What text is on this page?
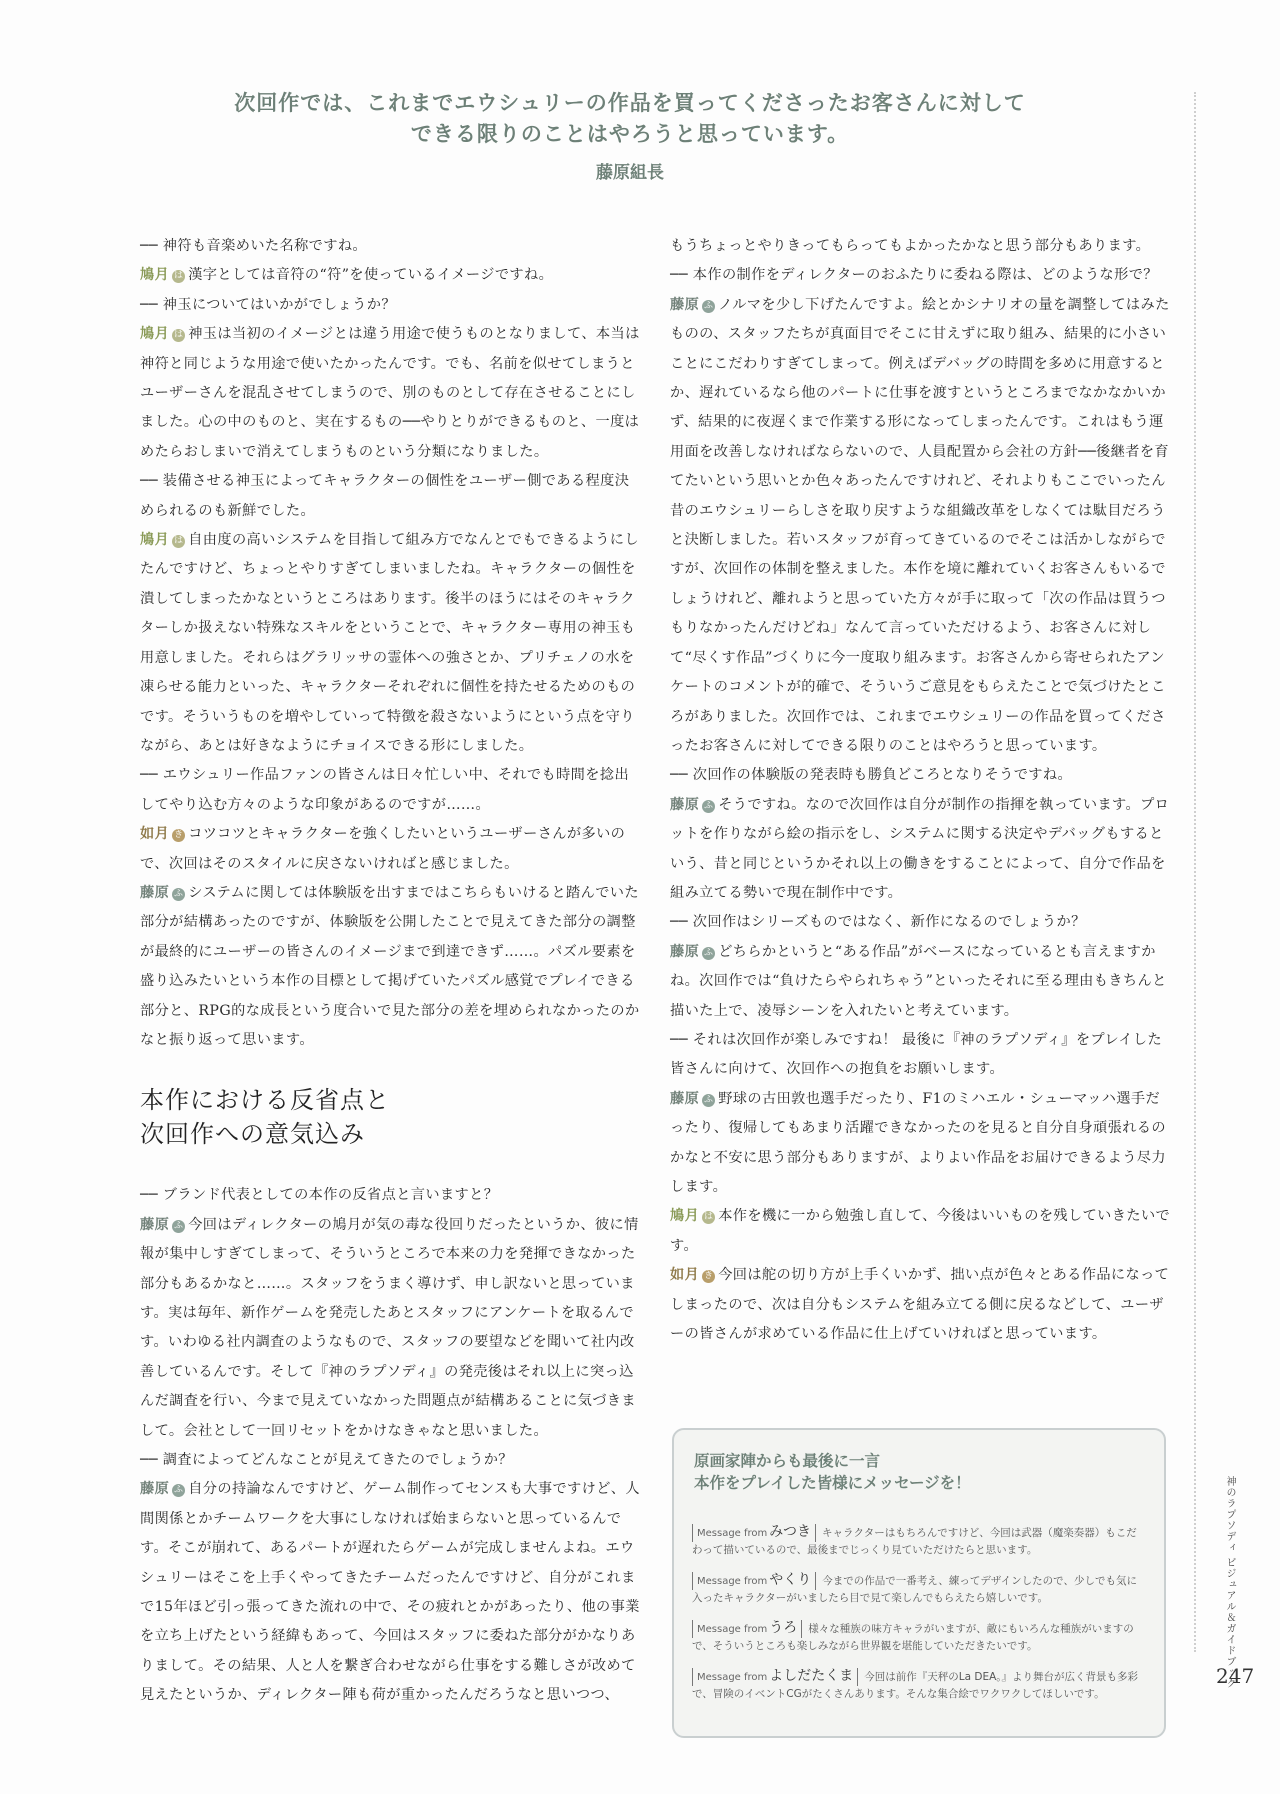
次回作では、これまでエウシュリーの作品を買ってくださったお客さんに対して
できる限りのことはやろうと思っています。
藤原組長

── 神符も音楽めいた名称ですね。

鳩月 は 漢字としては音符の“符”を使っているイメージですね。

── 神玉についてはいかがでしょうか？

鳩月 は 神玉は当初のイメージとは違う用途で使うものとなりまして、本当は神符と同じような用途で使いたかったんです。でも、名前を似せてしまうとユーザーさんを混乱させてしまうので、別のものとして存在させることにしました。心の中のものと、実在するもの──やりとりができるものと、一度はめたらおしまいで消えてしまうものという分類になりました。

── 装備させる神玉によってキャラクターの個性をユーザー側である程度決められるのも新鮮でした。

鳩月 は 自由度の高いシステムを目指して組み方でなんとでもできるようにしたんですけど、ちょっとやりすぎてしまいましたね。キャラクターの個性を潰してしまったかなというところはあります。後半のほうにはそのキャラクターしか扱えない特殊なスキルをということで、キャラクター専用の神玉も用意しました。それらはグラリッサの霊体への強さとか、プリチェノの水を凍らせる能力といった、キャラクターそれぞれに個性を持たせるためのものです。そういうものを増やしていって特徴を殺さないようにという点を守りながら、あとは好きなようにチョイスできる形にしました。

── エウシュリー作品ファンの皆さんは日々忙しい中、それでも時間を捻出してやり込む方々のような印象があるのですが……。

如月 き コツコツとキャラクターを強くしたいというユーザーさんが多いので、次回はそのスタイルに戻さないければと感じました。

藤原 ふ システムに関しては体験版を出すまではこちらもいけると踏んでいた部分が結構あったのですが、体験版を公開したことで見えてきた部分の調整が最終的にユーザーの皆さんのイメージまで到達できず……。パズル要素を盛り込みたいという本作の目標として掲げていたパズル感覚でプレイできる部分と、RPG的な成長という度合いで見た部分の差を埋められなかったのかなと振り返って思います。

本作における反省点と
次回作への意気込み

── ブランド代表としての本作の反省点と言いますと？

藤原 ふ 今回はディレクターの鳩月が気の毒な役回りだったというか、彼に情報が集中しすぎてしまって、そういうところで本来の力を発揮できなかった部分もあるかなと……。スタッフをうまく導けず、申し訳ないと思っています。実は毎年、新作ゲームを発売したあとスタッフにアンケートを取るんです。いわゆる社内調査のようなもので、スタッフの要望などを聞いて社内改善しているんです。そして『神のラプソディ』の発売後はそれ以上に突っ込んだ調査を行い、今まで見えていなかった問題点が結構あることに気づきまして。会社として一回リセットをかけなきゃなと思いました。

── 調査によってどんなことが見えてきたのでしょうか？

藤原 ふ 自分の持論なんですけど、ゲーム制作ってセンスも大事ですけど、人間関係とかチームワークを大事にしなければ始まらないと思っているんです。そこが崩れて、あるパートが遅れたらゲームが完成しませんよね。エウシュリーはそこを上手くやってきたチームだったんですけど、自分がこれまで15年ほど引っ張ってきた流れの中で、その疲れとかがあったり、他の事業を立ち上げたという経緯もあって、今回はスタッフに委ねた部分がかなりありまして。その結果、人と人を繋ぎ合わせながら仕事をする難しさが改めて見えたというか、ディレクター陣も荷が重かったんだろうなと思いつつ、

もうちょっとやりきってもらってもよかったかなと思う部分もあります。

── 本作の制作をディレクターのおふたりに委ねる際は、どのような形で？

藤原 ふ ノルマを少し下げたんですよ。絵とかシナリオの量を調整してはみたものの、スタッフたちが真面目でそこに甘えずに取り組み、結果的に小さいことにこだわりすぎてしまって。例えばデバッグの時間を多めに用意するとか、遅れているなら他のパートに仕事を渡すというところまでなかなかいかず、結果的に夜遅くまで作業する形になってしまったんです。これはもう運用面を改善しなければならないので、人員配置から会社の方針──後継者を育てたいという思いとか色々あったんですけれど、それよりもここでいったん昔のエウシュリーらしさを取り戻すような組織改革をしなくては駄目だろうと決断しました。若いスタッフが育ってきているのでそこは活かしながらですが、次回作の体制を整えました。本作を境に離れていくお客さんもいるでしょうけれど、離れようと思っていた方々が手に取って「次の作品は買うつもりなかったんだけどね」なんて言っていただけるよう、お客さんに対して“尽くす作品”づくりに今一度取り組みます。お客さんから寄せられたアンケートのコメントが的確で、そういうご意見をもらえたことで気づけたところがありました。次回作では、これまでエウシュリーの作品を買ってくださったお客さんに対してできる限りのことはやろうと思っています。

── 次回作の体験版の発表時も勝負どころとなりそうですね。

藤原 ふ そうですね。なので次回作は自分が制作の指揮を執っています。プロットを作りながら絵の指示をし、システムに関する決定やデバッグもするという、昔と同じというかそれ以上の働きをすることによって、自分で作品を組み立てる勢いで現在制作中です。

── 次回作はシリーズものではなく、新作になるのでしょうか？

藤原 ふ どちらかというと“ある作品”がベースになっているとも言えますかね。次回作では“負けたらやられちゃう”といったそれに至る理由もきちんと描いた上で、凌辱シーンを入れたいと考えています。

── それは次回作が楽しみですね！ 最後に『神のラプソディ』をプレイした皆さんに向けて、次回作への抱負をお願いします。

藤原 ふ 野球の古田敦也選手だったり、F1のミハエル・シューマッハ選手だったり、復帰してもあまり活躍できなかったのを見ると自分自身頑張れるのかなと不安に思う部分もありますが、よりよい作品をお届けできるよう尽力します。

鳩月 は 本作を機に一から勉強し直して、今後はいいものを残していきたいです。

如月 き 今回は舵の切り方が上手くいかず、拙い点が色々とある作品になってしまったので、次は自分もシステムを組み立てる側に戻るなどして、ユーザーの皆さんが求めている作品に仕上げていければと思っています。

原画家陣からも最後に一言
本作をプレイした皆様にメッセージを！
Message from みつき キャラクターはもちろんですけど、今回は武器（魔楽奏器）もこだわって描いているので、最後までじっくり見ていただけたらと思います。
Message from やくり 今までの作品で一番考え、練ってデザインしたので、少しでも気に入ったキャラクターがいましたら目で見て楽しんでもらえたら嬉しいです。
Message from うろ 様々な種族の味方キャラがいますが、敵にもいろんな種族がいますので、そういうところも楽しみながら世界観を堪能していただきたいです。
Message from よしだたくま 今回は前作『天秤のLa DEA。』より舞台が広く背景も多彩で、冒険のイベントCGがたくさんあります。そんな集合絵でワクワクしてほしいです。
神のラプソディ ビジュアル＆ガイドブック
247
